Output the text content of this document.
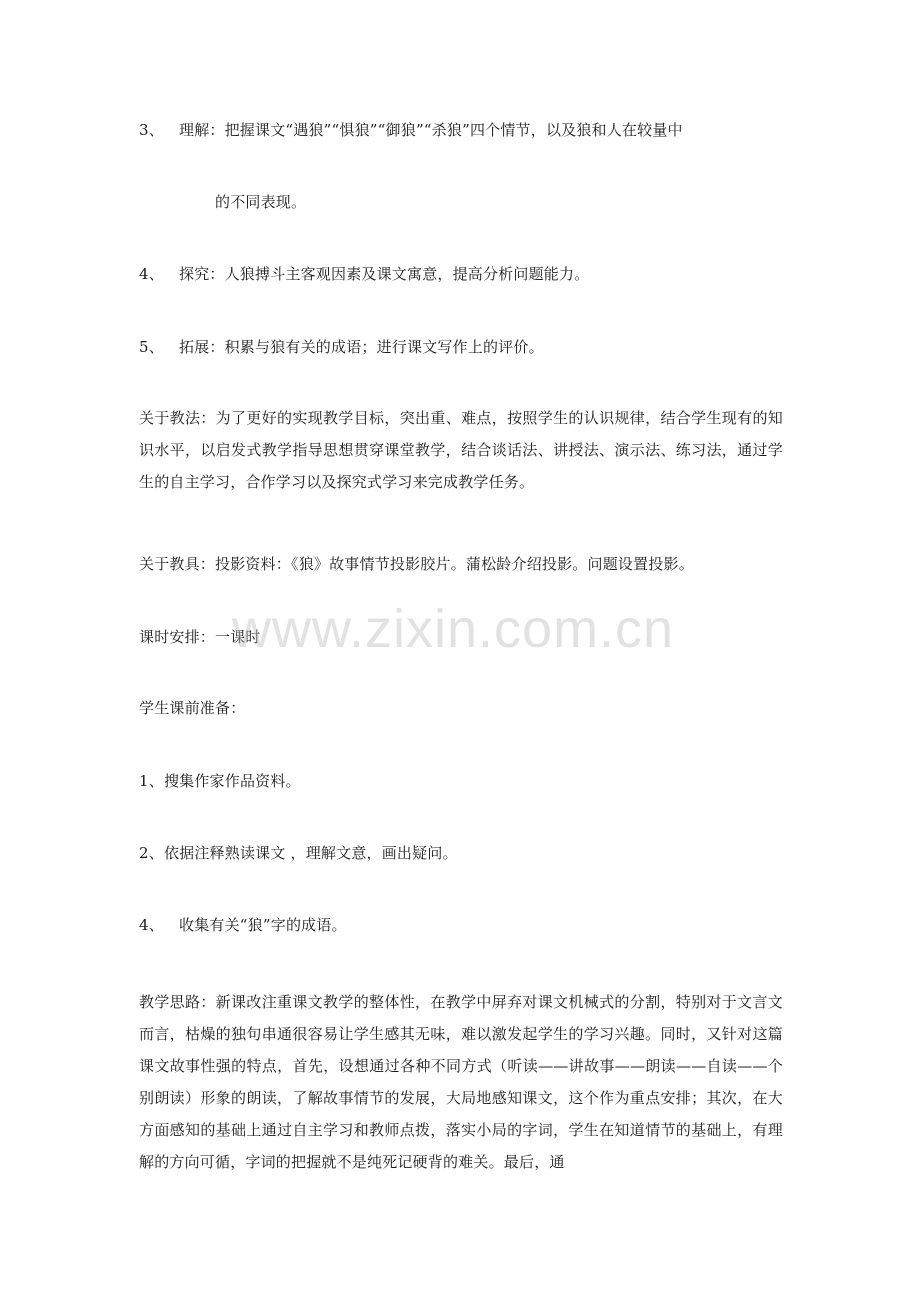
3、 理解：把握课文“遇狼”“惧狼”“御狼”“杀狼”四个情节，以及狼和人在较量中
的不同表现。
4、 探究：人狼搏斗主客观因素及课文寓意，提高分析问题能力。
5、 拓展：积累与狼有关的成语；进行课文写作上的评价。
关于教法：为了更好的实现教学目标，突出重、难点，按照学生的认识规律，结合学生现有的知识水平，以启发式教学指导思想贯穿课堂教学，结合谈话法、讲授法、演示法、练习法，通过学生的自主学习，合作学习以及探究式学习来完成教学任务。
关于教具：投影资料：《狼》故事情节投影胶片。蒲松龄介绍投影。问题设置投影。
课时安排：一课时
学生课前准备：
1、搜集作家作品资料。
2、依据注释熟读课文 ，理解文意，画出疑问。
4、 收集有关“狼”字的成语。
教学思路：新课改注重课文教学的整体性，在教学中屏弃对课文机械式的分割，特别对于文言文而言，枯燥的独句串通很容易让学生感其无味，难以激发起学生的学习兴趣。同时，又针对这篇课文故事性强的特点，首先，设想通过各种不同方式（听读——讲故事——朗读——自读——个别朗读）形象的朗读，了解故事情节的发展，大局地感知课文，这个作为重点安排；其次，在大方面感知的基础上通过自主学习和教师点拨，落实小局的字词，学生在知道情节的基础上，有理解的方向可循，字词的把握就不是纯死记硬背的难关。最后，通
www.zixin.com.cn
